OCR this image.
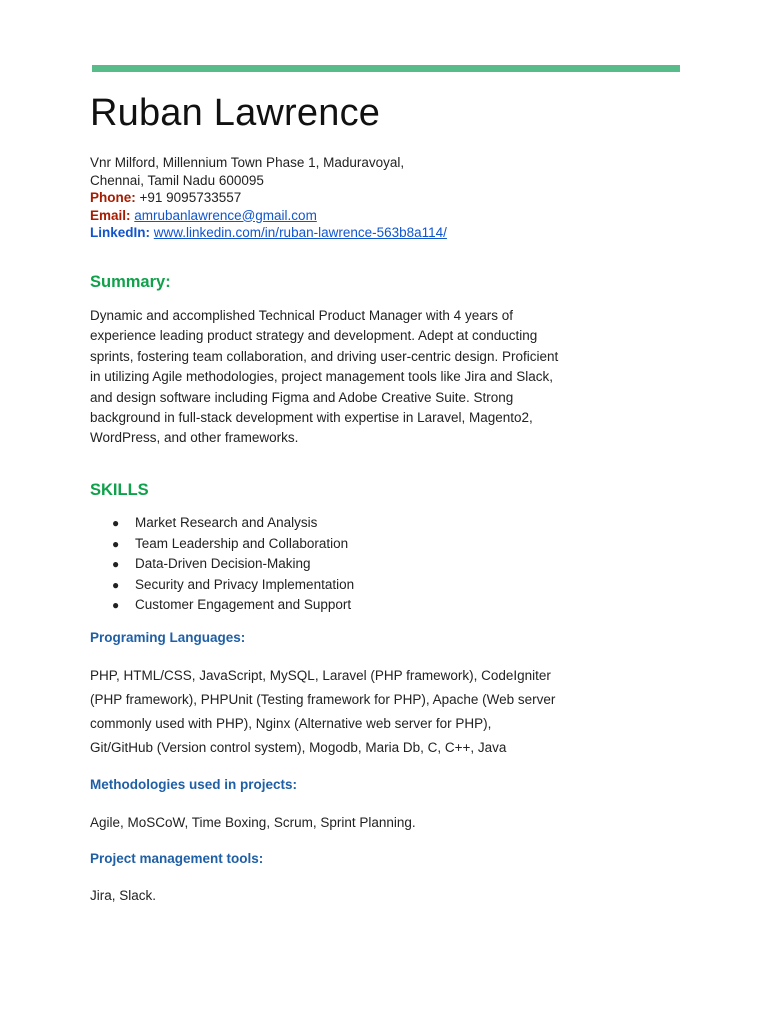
Ruban Lawrence
Vnr Milford, Millennium Town Phase 1, Maduravoyal,
Chennai, Tamil Nadu 600095
Phone: +91 9095733557
Email: amrubanlawrence@gmail.com
LinkedIn: www.linkedin.com/in/ruban-lawrence-563b8a114/
Summary:
Dynamic and accomplished Technical Product Manager with 4 years of experience leading product strategy and development. Adept at conducting sprints, fostering team collaboration, and driving user-centric design. Proficient in utilizing Agile methodologies, project management tools like Jira and Slack, and design software including Figma and Adobe Creative Suite. Strong background in full-stack development with expertise in Laravel, Magento2, WordPress, and other frameworks.
SKILLS
● Market Research and Analysis
● Team Leadership and Collaboration
● Data-Driven Decision-Making
● Security and Privacy Implementation
● Customer Engagement and Support
Programing Languages:
PHP, HTML/CSS, JavaScript, MySQL, Laravel (PHP framework), CodeIgniter
(PHP framework), PHPUnit (Testing framework for PHP), Apache (Web server
commonly used with PHP), Nginx (Alternative web server for PHP),
Git/GitHub (Version control system), Mogodb, Maria Db, C, C++, Java
Methodologies used in projects:
Agile, MoSCoW, Time Boxing, Scrum, Sprint Planning.
Project management tools:
Jira, Slack.
